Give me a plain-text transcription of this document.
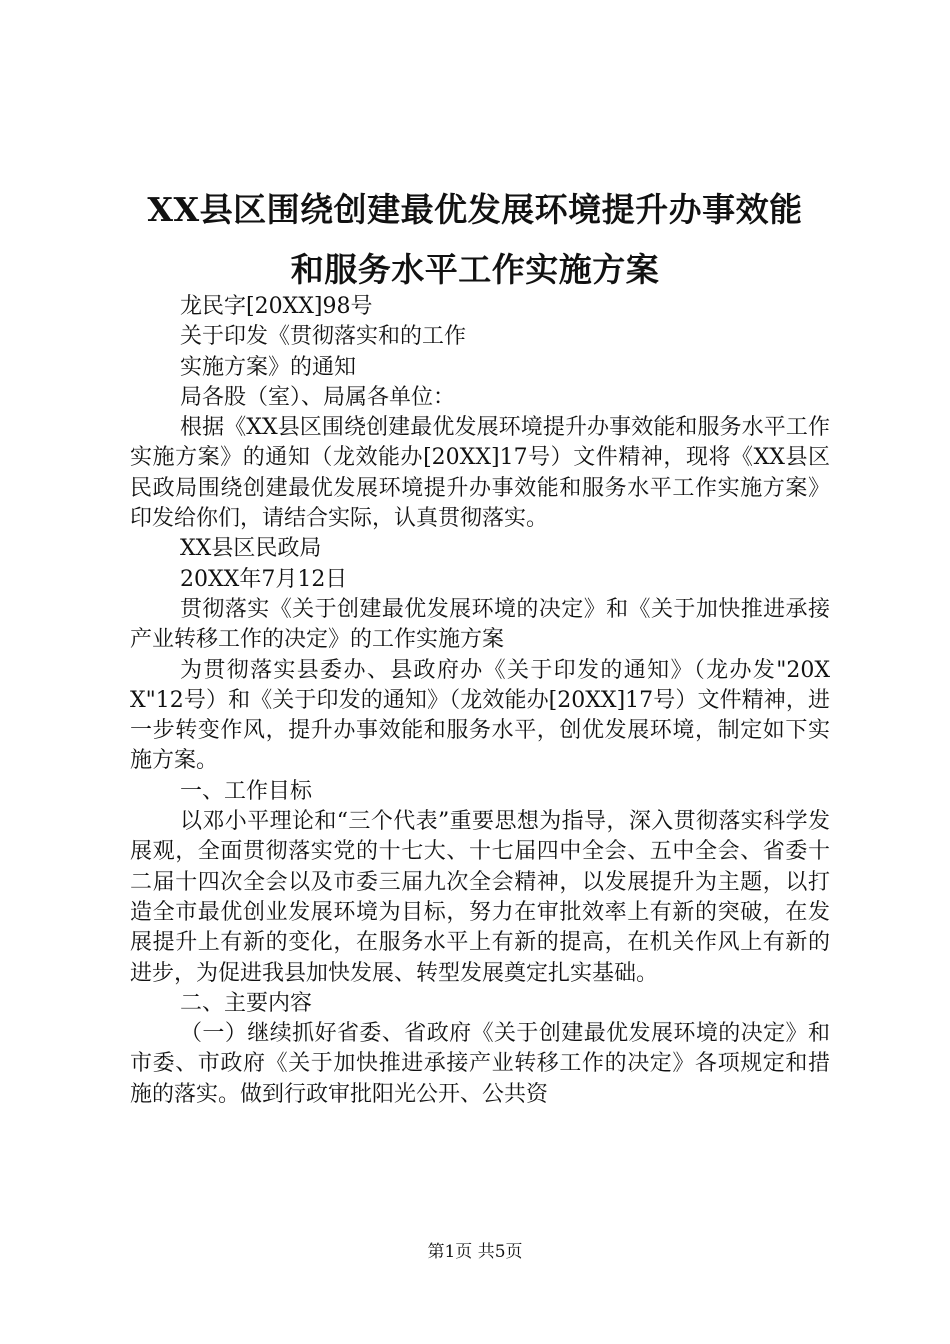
XX县区围绕创建最优发展环境提升办事效能
和服务水平工作实施方案

龙民字[20XX]98号

关于印发《贯彻落实和的工作

实施方案》的通知

局各股（室）、局属各单位：

根据《XX县区围绕创建最优发展环境提升办事效能和服务水平工作实施方案》的通知（龙效能办[20XX]17号）文件精神，现将《XX县区民政局围绕创建最优发展环境提升办事效能和服务水平工作实施方案》印发给你们，请结合实际，认真贯彻落实。

XX县区民政局

20XX年7月12日

贯彻落实《关于创建最优发展环境的决定》和《关于加快推进承接产业转移工作的决定》的工作实施方案

为贯彻落实县委办、县政府办《关于印发的通知》（龙办发"20XX"12号）和《关于印发的通知》（龙效能办[20XX]17号）文件精神，进一步转变作风，提升办事效能和服务水平，创优发展环境，制定如下实施方案。

一、工作目标

以邓小平理论和“三个代表”重要思想为指导，深入贯彻落实科学发展观，全面贯彻落实党的十七大、十七届四中全会、五中全会、省委十二届十四次全会以及市委三届九次全会精神，以发展提升为主题，以打造全市最优创业发展环境为目标，努力在审批效率上有新的突破，在发展提升上有新的变化，在服务水平上有新的提高，在机关作风上有新的进步，为促进我县加快发展、转型发展奠定扎实基础。

二、主要内容

（一）继续抓好省委、省政府《关于创建最优发展环境的决定》和市委、市政府《关于加快推进承接产业转移工作的决定》各项规定和措施的落实。做到行政审批阳光公开、公共资

第1页 共5页
